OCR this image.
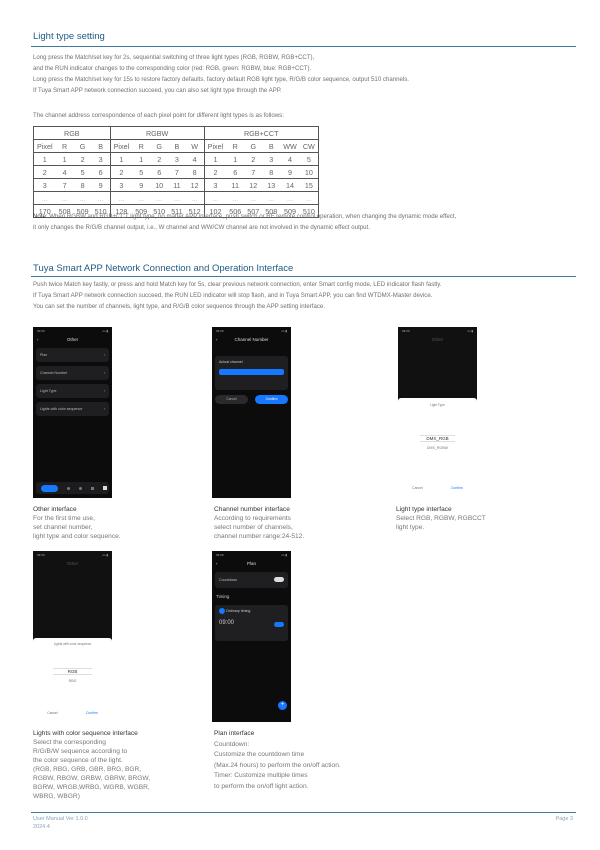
Light type setting
Long press the Match/set key for 2s, sequential switching of three light types (RGB, RGBW, RGB+CCT),
and the RUN indicator changes to the corresponding color (red: RGB, green: RGBW, blue: RGB+CCT).
Long press the Match/set key for 15s to restore factory defaults. factory default RGB light type, R/G/B color sequence, output 510 channels.
If Tuya Smart APP network connection succeed, you can also set light type through the APP.
The channel address correspondence of each pixel point for different light types is as follows:
RGB				RGBW					RGB+CCT					
Pixel	R	G	B	Pixel	R	G	B	W	Pixel	R	G	B	WW	CW
1	1	2	3	1	1	2	3	4	1	1	2	3	4	5
2	4	5	6	2	5	6	7	8	2	6	7	8	9	10
3	7	8	9	3	9	10	11	12	3	11	12	13	14	15
...	...	...	...	...	...	...	...	...	...	...	...	...	...	...
170	508	509	510	128	509	510	511	512	102	506	507	508	509	510
Note: When RGBW and RGB+CCT light type, no matter APP interface, push switch or RF remote control operation, when changing the dynamic mode effect,
it only changes the R/G/B channel output, i.e., W channel and WW/CW channel are not involved in the dynamic effect output.
Tuya Smart APP Network Connection and Operation Interface
Push twice Match key fastly, or press and hold Match key for 5s, clear previous network connection, enter Smart config mode, LED indicator flash fastly.
If Tuya Smart APP network connection succeed, the RUN LED indicator will stop flash, and in Tuya Smart APP, you can find WTDMX-Master device.
You can set the number of channels, light type, and R/G/B color sequence through the APP setting interface.
09:00	▪▪▪ ▮
‹	Other
Plan	›
Channel Number	›
Light Type	›
Lights with color sequence	›
09:00	▪▪▪ ▮
‹	Channel Number
Actual channel
Cancel	Confirm
09:00	▪▪▪ ▮
Other
Light Type
DMX_RGB
DMX_RGBW
Cancel	Confirm
Other interface
For the first time use,
set channel number,
light type and color sequence.
Channel number interface
According to requirements
select number of channels,
channel number range:24-512.
Light type interface
Select RGB, RGBW, RGBCCT
light type.
09:00	▪▪▪ ▮
Other
Lights with color sequence
RGB
RBG
Cancel	Confirm
09:00	▪▪▪ ▮
‹	Plan
Countdown
Timing
Ordinary timing
09:00
+
Lights with color sequence interface
Select the corresponding
R/G/B/W sequence according to
the color sequence of the light.
(RGB, RBG, GRB, GBR, BRG, BGR,
RGBW, RBGW, GRBW, GBRW, BRGW,
BGRW, WRGB,WRBG, WGRB, WGBR,
WBRG, WBGR)
Plan interface
Countdown:
Customize the countdown time
(Max.24 hours) to perform the on/off action.
Timer: Customize multiple times
to perform the on/off light action.
User Manual Ver 1.0.0
2024.4
Page 3
